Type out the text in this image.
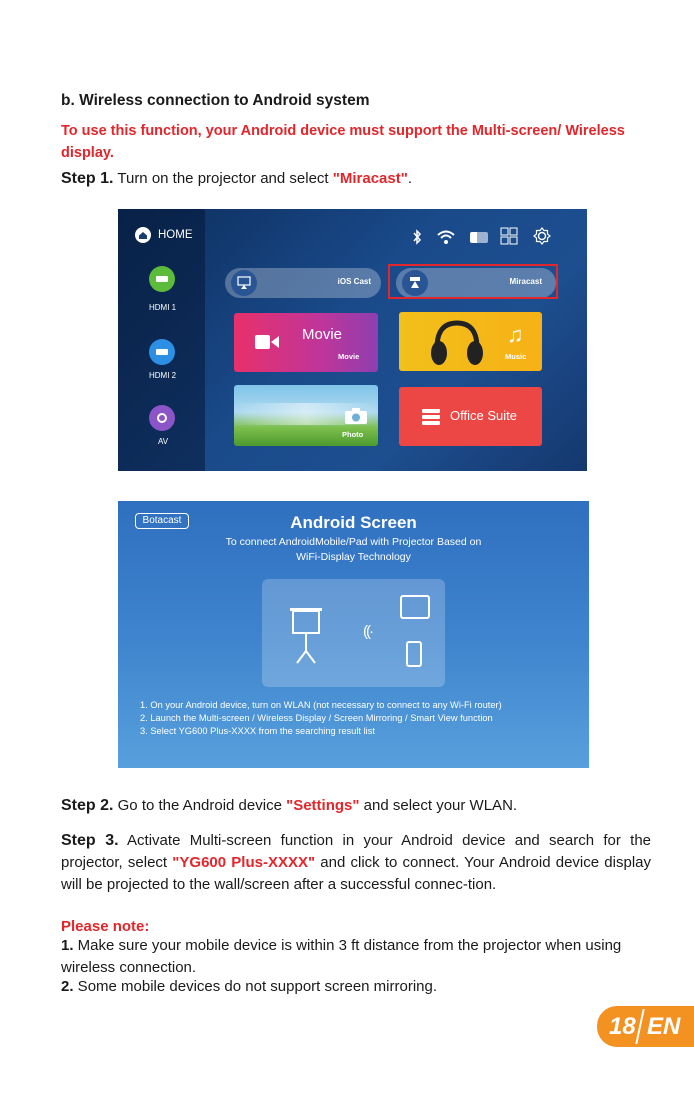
b. Wireless connection to Android system
To use this function, your Android device must support the Multi-screen/ Wireless display.
Step 1. Turn on the projector and select "Miracast".
HOME
HDMI 1
HDMI 2
AV
iOS Cast	Miracast
Movie
Movie
♫
Music
Photo
Office Suite
Botacast	Android Screen
To connect AndroidMobile/Pad with Projector Based on
WiFi-Display Technology
((·
1. On your Android device, turn on WLAN (not necessary to connect to any Wi-Fi router)
2. Launch the Multi-screen / Wireless Display / Screen Mirroring / Smart View function
3. Select YG600 Plus-XXXX from the searching result list
Step 2. Go to the Android device "Settings" and select your WLAN.
Step 3. Activate Multi-screen function in your Android device and search for the projector, select "YG600 Plus-XXXX" and click to connect. Your Android device display will be projected to the wall/screen after a successful connec-tion.
Please note:
1. Make sure your mobile device is within 3 ft distance from the projector when using wireless connection.
2. Some mobile devices do not support screen mirroring.
18 EN
